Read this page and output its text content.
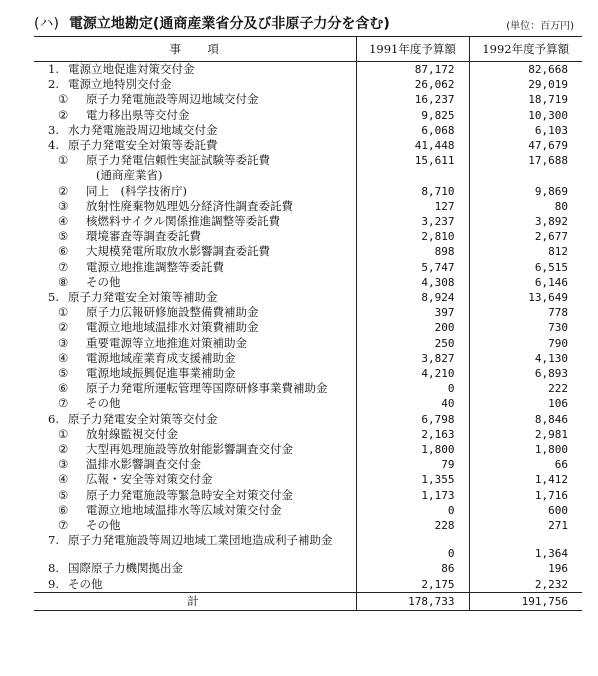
(ハ) 電源立地勘定(通商産業省分及び非原子力分を含む)	(単位：百万円)
事　　項	1991年度予算額	1992年度予算額
1. 電源立地促進対策交付金	87,172	82,668
2. 電源立地特別交付金	26,062	29,019
① 原子力発電施設等周辺地域交付金	16,237	18,719
② 電力移出県等交付金	9,825	10,300
3. 水力発電施設周辺地域交付金	6,068	6,103
4. 原子力発電安全対策等委託費	41,448	47,679
① 原子力発電信頼性実証試験等委託費	15,611	17,688
(通商産業省)		
② 同上　(科学技術庁)	8,710	9,869
③ 放射性廃棄物処理処分経済性調査委託費	127	80
④ 核燃料サイクル関係推進調整等委託費	3,237	3,892
⑤ 環境審査等調査委託費	2,810	2,677
⑥ 大規模発電所取放水影響調査委託費	898	812
⑦ 電源立地推進調整等委託費	5,747	6,515
⑧ その他	4,308	6,146
5. 原子力発電安全対策等補助金	8,924	13,649
① 原子力広報研修施設整備費補助金	397	778
② 電源立地地域温排水対策費補助金	200	730
③ 重要電源等立地推進対策補助金	250	790
④ 電源地域産業育成支援補助金	3,827	4,130
⑤ 電源地域振興促進事業補助金	4,210	6,893
⑥ 原子力発電所運転管理等国際研修事業費補助金	0	222
⑦ その他	40	106
6. 原子力発電安全対策等交付金	6,798	8,846
① 放射線監視交付金	2,163	2,981
② 大型再処理施設等放射能影響調査交付金	1,800	1,800
③ 温排水影響調査交付金	79	66
④ 広報・安全等対策交付金	1,355	1,412
⑤ 原子力発電施設等緊急時安全対策交付金	1,173	1,716
⑥ 電源立地地域温排水等広域対策交付金	0	600
⑦ その他	228	271
7. 原子力発電施設等周辺地域工業団地造成利子補助金	0	1,364
8. 国際原子力機関拠出金	86	196
9. その他	2,175	2,232
計	178,733	191,756
